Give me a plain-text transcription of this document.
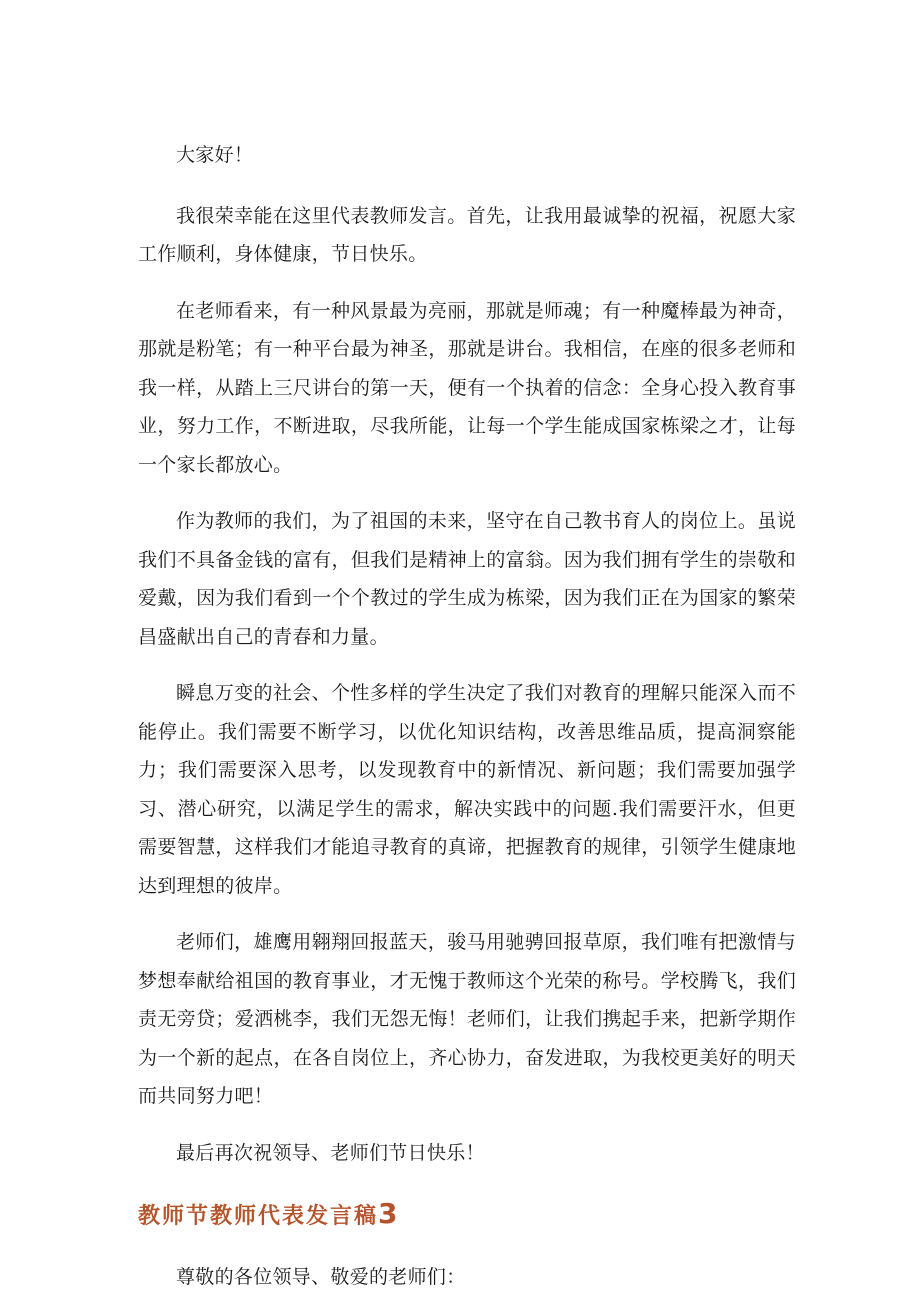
大家好！

我很荣幸能在这里代表教师发言。首先，让我用最诚挚的祝福，祝愿大家工作顺利，身体健康，节日快乐。

在老师看来，有一种风景最为亮丽，那就是师魂；有一种魔棒最为神奇，那就是粉笔；有一种平台最为神圣，那就是讲台。我相信，在座的很多老师和我一样，从踏上三尺讲台的第一天，便有一个执着的信念：全身心投入教育事业，努力工作，不断进取，尽我所能，让每一个学生能成国家栋梁之才，让每一个家长都放心。

作为教师的我们，为了祖国的未来，坚守在自己教书育人的岗位上。虽说我们不具备金钱的富有，但我们是精神上的富翁。因为我们拥有学生的崇敬和爱戴，因为我们看到一个个教过的学生成为栋梁，因为我们正在为国家的繁荣昌盛献出自己的青春和力量。

瞬息万变的社会、个性多样的学生决定了我们对教育的理解只能深入而不能停止。我们需要不断学习，以优化知识结构，改善思维品质，提高洞察能力；我们需要深入思考，以发现教育中的新情况、新问题；我们需要加强学习、潜心研究，以满足学生的需求，解决实践中的问题.我们需要汗水，但更需要智慧，这样我们才能追寻教育的真谛，把握教育的规律，引领学生健康地达到理想的彼岸。

老师们，雄鹰用翱翔回报蓝天，骏马用驰骋回报草原，我们唯有把激情与梦想奉献给祖国的教育事业，才无愧于教师这个光荣的称号。学校腾飞，我们责无旁贷；爱洒桃李，我们无怨无悔！老师们，让我们携起手来，把新学期作为一个新的起点，在各自岗位上，齐心协力，奋发进取，为我校更美好的明天而共同努力吧！

最后再次祝领导、老师们节日快乐！

教师节教师代表发言稿3

尊敬的各位领导、敬爱的老师们：
